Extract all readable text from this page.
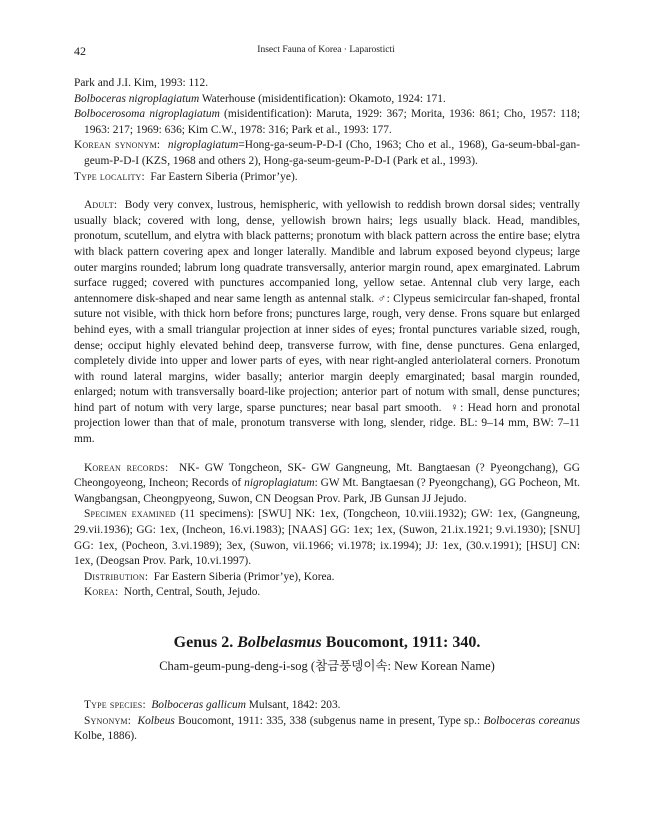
42	Insect Fauna of Korea · Laparosticti

Park and J.I. Kim, 1993: 112.

Bolboceras nigroplagiatum Waterhouse (misidentification): Okamoto, 1924: 171.

Bolbocerosoma nigroplagiatum (misidentification): Maruta, 1929: 367; Morita, 1936: 861; Cho, 1957: 118; 1963: 217; 1969: 636; Kim C.W., 1978: 316; Park et al., 1993: 177.

Korean synonym:  nigroplagiatum=Hong-ga-seum-P-D-I (Cho, 1963; Cho et al., 1968), Ga-seum-bbal-gan-geum-P-D-I (KZS, 1968 and others 2), Hong-ga-seum-geum-P-D-I (Park et al., 1993).

Type locality:  Far Eastern Siberia (Primor’ye).

Adult:  Body very convex, lustrous, hemispheric, with yellowish to reddish brown dorsal sides; ventrally usually black; covered with long, dense, yellowish brown hairs; legs usually black. Head, mandibles, pronotum, scutellum, and elytra with black patterns; pronotum with black pattern across the entire base; elytra with black pattern covering apex and longer laterally. Mandible and labrum exposed beyond clypeus; large outer margins rounded; labrum long quadrate transversally, anterior margin round, apex emarginated. Labrum surface rugged; covered with punctures accompanied long, yellow setae. Antennal club very large, each antennomere disk-shaped and near same length as antennal stalk. ♂: Clypeus semicircular fan-shaped, frontal suture not visible, with thick horn before frons; punctures large, rough, very dense. Frons square but enlarged behind eyes, with a small triangular projection at inner sides of eyes; frontal punctures variable sized, rough, dense; occiput highly elevated behind deep, transverse furrow, with fine, dense punctures. Gena enlarged, completely divide into upper and lower parts of eyes, with near right-angled anteriolateral corners. Pronotum with round lateral margins, wider basally; anterior margin deeply emarginated; basal margin rounded, enlarged; notum with transversally board-like projection; anterior part of notum with small, dense punctures; hind part of notum with very large, sparse punctures; near basal part smooth. ♀: Head horn and pronotal projection lower than that of male, pronotum transverse with long, slender, ridge. BL: 9–14 mm, BW: 7–11 mm.

Korean records:  NK- GW Tongcheon, SK- GW Gangneung, Mt. Bangtaesan (? Pyeongchang), GG Cheongoyeong, Incheon; Records of nigroplagiatum: GW Mt. Bangtaesan (? Pyeongchang), GG Pocheon, Mt. Wangbangsan, Cheongpyeong, Suwon, CN Deogsan Prov. Park, JB Gunsan JJ Jejudo.

Specimen examined (11 specimens): [SWU] NK: 1ex, (Tongcheon, 10.viii.1932); GW: 1ex, (Gangneung, 29.vii.1936); GG: 1ex, (Incheon, 16.vi.1983); [NAAS] GG: 1ex; 1ex, (Suwon, 21.ix.1921; 9.vi.1930); [SNU] GG: 1ex, (Pocheon, 3.vi.1989); 3ex, (Suwon, vii.1966; vi.1978; ix.1994); JJ: 1ex, (30.v.1991); [HSU] CN: 1ex, (Deogsan Prov. Park, 10.vi.1997).

Distribution:  Far Eastern Siberia (Primor’ye), Korea.

Korea:  North, Central, South, Jejudo.

Genus 2. Bolbelasmus Boucomont, 1911: 340.
Cham-geum-pung-deng-i-sog (참금풍뎅이속: New Korean Name)

Type species:  Bolboceras gallicum Mulsant, 1842: 203.

Synonym:  Kolbeus Boucomont, 1911: 335, 338 (subgenus name in present, Type sp.: Bolboceras coreanus Kolbe, 1886).
